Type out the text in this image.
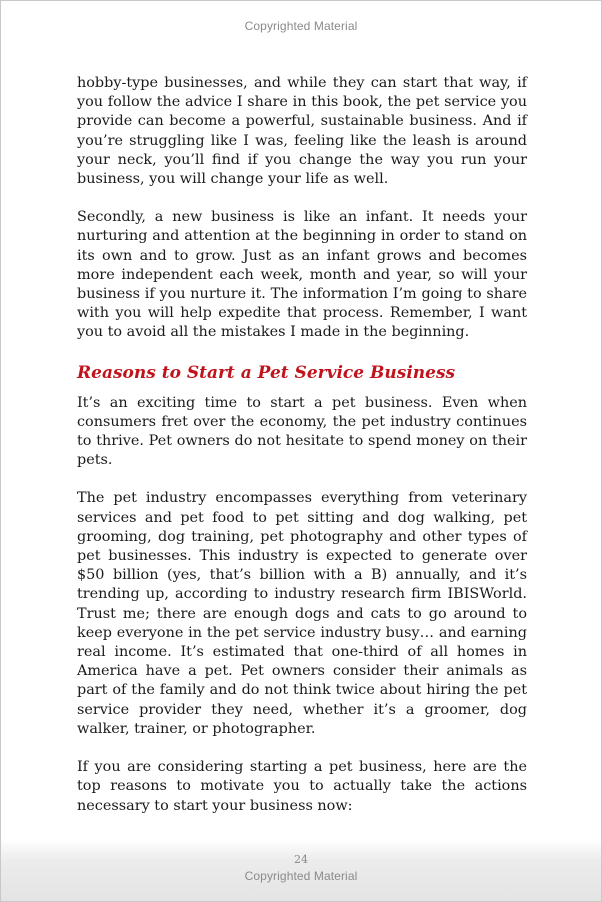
Copyrighted Material

hobby-type businesses, and while they can start that way, if you follow the advice I share in this book, the pet service you provide can become a powerful, sustainable business. And if you’re struggling like I was, feeling like the leash is around your neck, you’ll find if you change the way you run your business, you will change your life as well.

Secondly, a new business is like an infant. It needs your nurturing and attention at the beginning in order to stand on its own and to grow. Just as an infant grows and becomes more independent each week, month and year, so will your business if you nurture it. The information I’m going to share with you will help expedite that process. Remember, I want you to avoid all the mistakes I made in the beginning.

Reasons to Start a Pet Service Business

It’s an exciting time to start a pet business. Even when consumers fret over the economy, the pet industry continues to thrive. Pet owners do not hesitate to spend money on their pets.

The pet industry encompasses everything from veterinary services and pet food to pet sitting and dog walking, pet grooming, dog training, pet photography and other types of pet businesses. This industry is expected to generate over $50 billion (yes, that’s billion with a B) annually, and it’s trending up, according to industry research firm IBISWorld. Trust me; there are enough dogs and cats to go around to keep everyone in the pet service industry busy… and earning real income. It’s estimated that one-third of all homes in America have a pet. Pet owners consider their animals as part of the family and do not think twice about hiring the pet service provider they need, whether it’s a groomer, dog walker, trainer, or photographer.

If you are considering starting a pet business, here are the top reasons to motivate you to actually take the actions necessary to start your business now:

24
Copyrighted Material
